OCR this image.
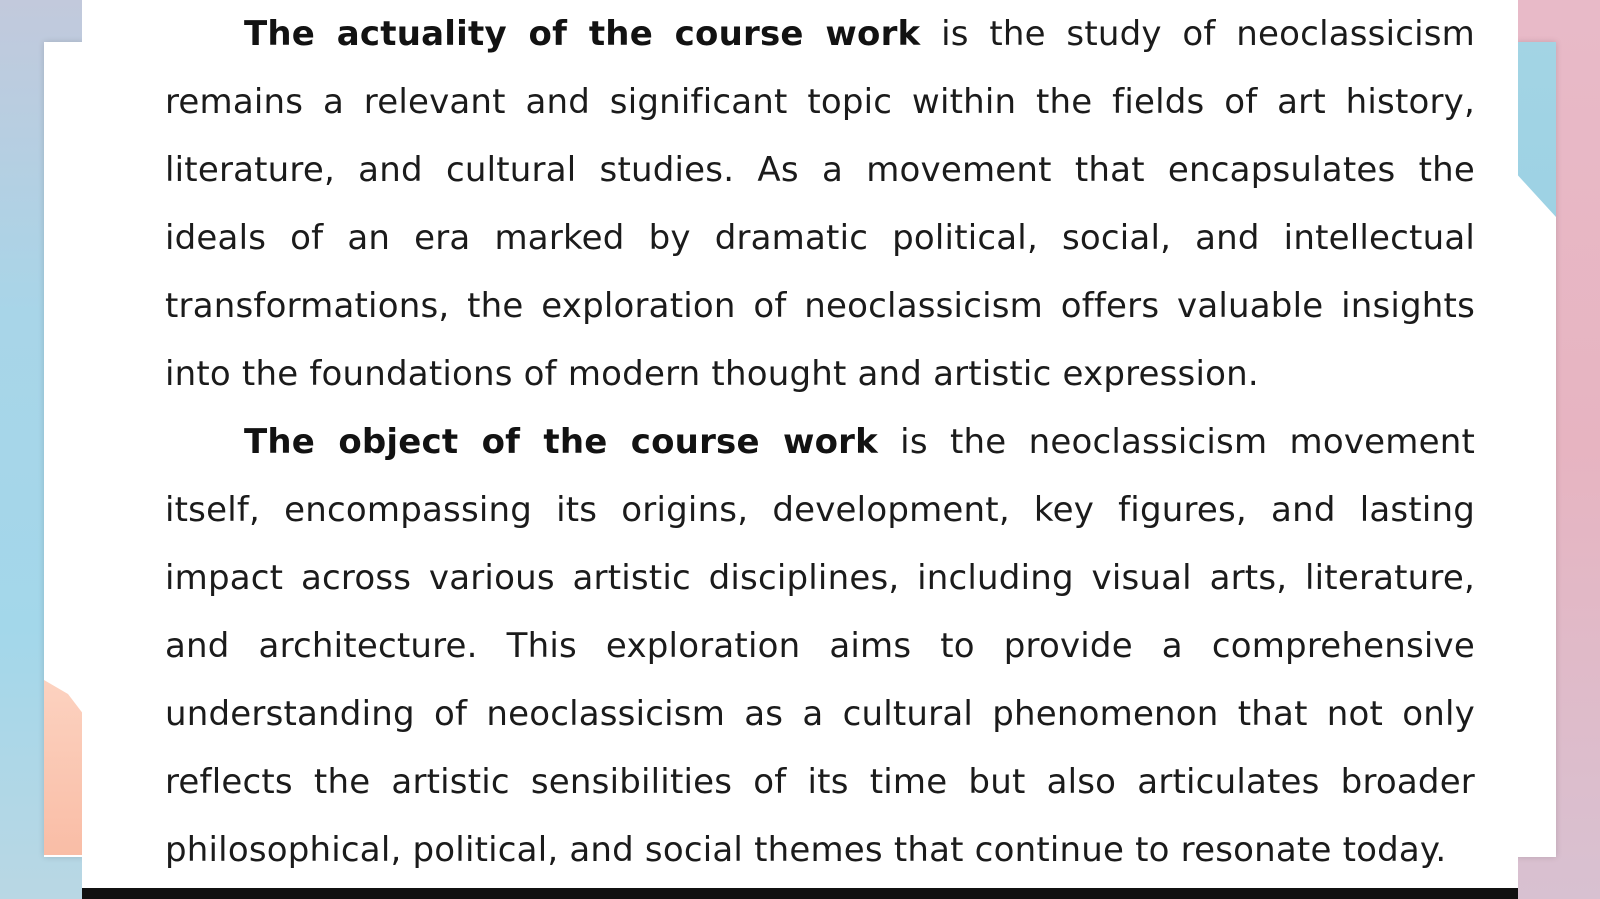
The actuality of the course work is the study of neoclassicism remains a relevant and significant topic within the fields of art history, literature, and cultural studies. As a movement that encapsulates the ideals of an era marked by dramatic political, social, and intellectual transformations, the exploration of neoclassicism offers valuable insights into the foundations of modern thought and artistic expression.

The object of the course work is the neoclassicism movement itself, encompassing its origins, development, key figures, and lasting impact across various artistic disciplines, including visual arts, literature, and architecture. This exploration aims to provide a comprehensive understanding of neoclassicism as a cultural phenomenon that not only reflects the artistic sensibilities of its time but also articulates broader philosophical, political, and social themes that continue to resonate today.
